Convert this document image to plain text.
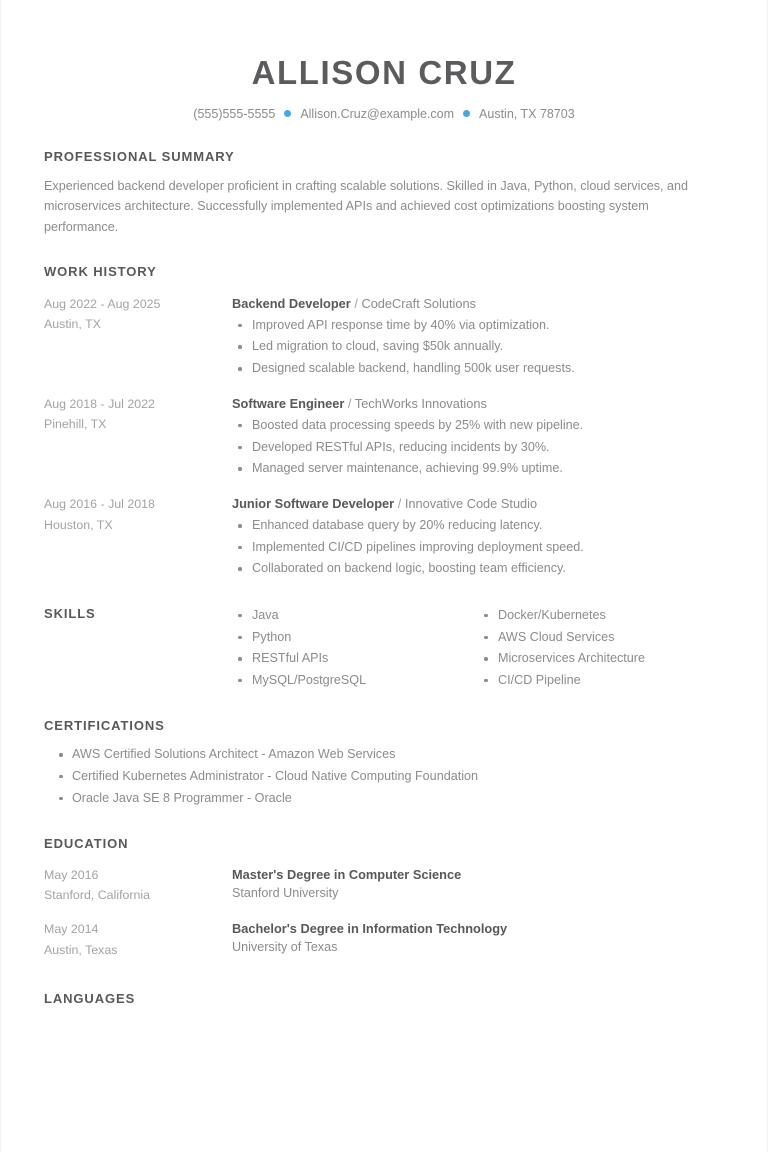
ALLISON CRUZ
(555)555-5555 Allison.Cruz@example.com Austin, TX 78703
PROFESSIONAL SUMMARY

Experienced backend developer proficient in crafting scalable solutions. Skilled in Java, Python, cloud services, and microservices architecture. Successfully implemented APIs and achieved cost optimizations boosting system performance.

WORK HISTORY
Aug 2022 - Aug 2025
Austin, TX
Backend Developer / CodeCraft Solutions
Improved API response time by 40% via optimization.
Led migration to cloud, saving $50k annually.
Designed scalable backend, handling 500k user requests.
Aug 2018 - Jul 2022
Pinehill, TX
Software Engineer / TechWorks Innovations
Boosted data processing speeds by 25% with new pipeline.
Developed RESTful APIs, reducing incidents by 30%.
Managed server maintenance, achieving 99.9% uptime.
Aug 2016 - Jul 2018
Houston, TX
Junior Software Developer / Innovative Code Studio
Enhanced database query by 20% reducing latency.
Implemented CI/CD pipelines improving deployment speed.
Collaborated on backend logic, boosting team efficiency.
SKILLS	Java
Python
RESTful APIs
MySQL/PostgreSQL
Docker/Kubernetes
AWS Cloud Services
Microservices Architecture
CI/CD Pipeline
CERTIFICATIONS
AWS Certified Solutions Architect - Amazon Web Services
Certified Kubernetes Administrator - Cloud Native Computing Foundation
Oracle Java SE 8 Programmer - Oracle
EDUCATION
May 2016
Stanford, California
Master's Degree in Computer Science
Stanford University
May 2014
Austin, Texas
Bachelor's Degree in Information Technology
University of Texas
LANGUAGES
